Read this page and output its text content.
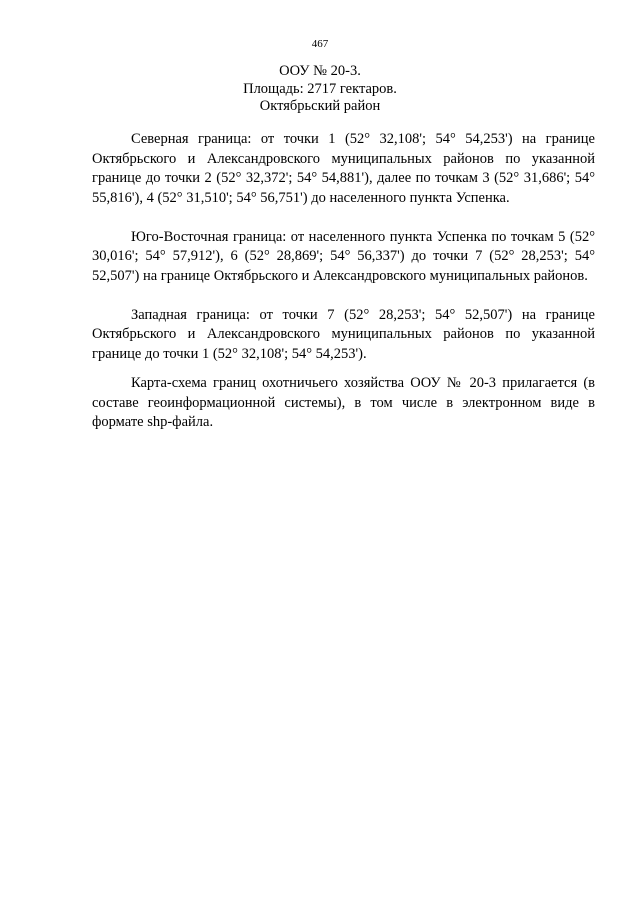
467
ООУ № 20-3.
Площадь: 2717 гектаров.
Октябрьский район

Северная граница: от точки 1 (52° 32,108'; 54° 54,253') на границе Октябрьского и Александровского муниципальных районов по указанной границе до точки 2 (52° 32,372'; 54° 54,881'), далее по точкам 3 (52° 31,686'; 54° 55,816'), 4 (52° 31,510'; 54° 56,751') до населенного пункта Успенка.

Юго-Восточная граница: от населенного пункта Успенка по точкам 5 (52° 30,016'; 54° 57,912'), 6 (52° 28,869'; 54° 56,337') до точки 7 (52° 28,253'; 54° 52,507') на границе Октябрьского и Александровского муниципальных районов.

Западная граница: от точки 7 (52° 28,253'; 54° 52,507') на границе Октябрьского и Александровского муниципальных районов по указанной границе до точки 1 (52° 32,108'; 54° 54,253').

Карта-схема границ охотничьего хозяйства ООУ № 20-3 прилагается (в составе геоинформационной системы), в том числе в электронном виде в формате shp-файла.
